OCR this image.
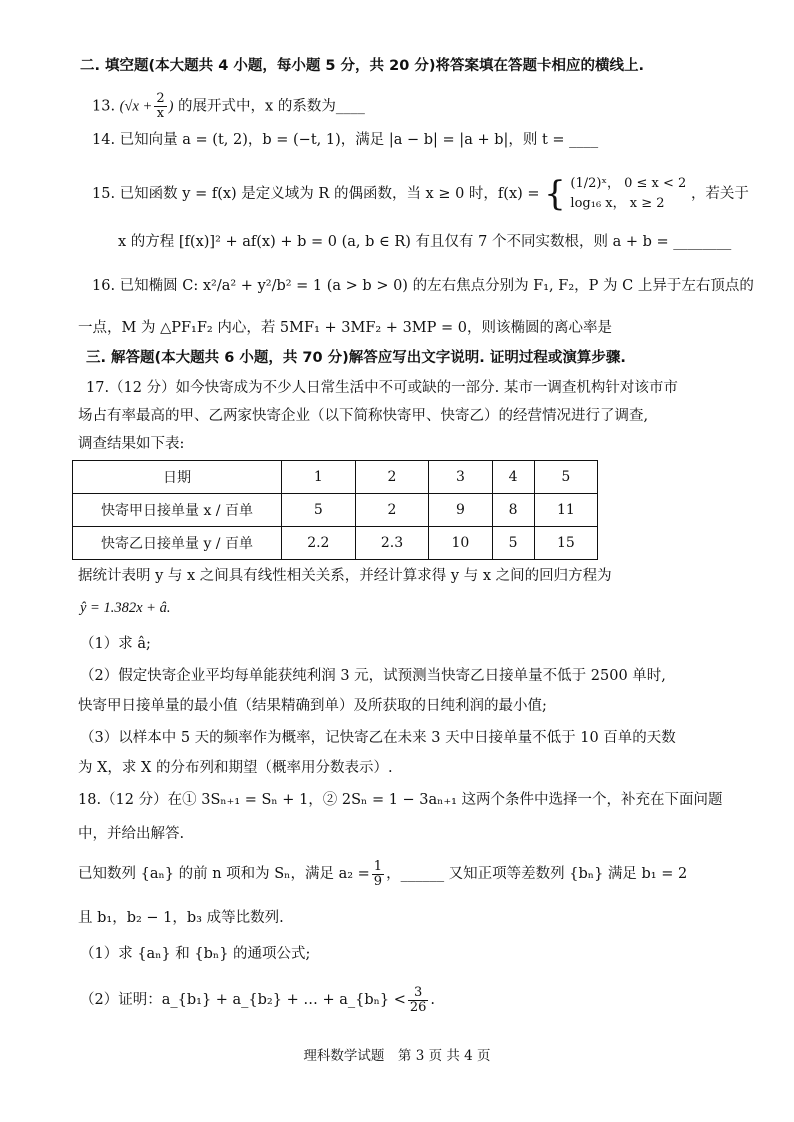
二. 填空题(本大题共 4 小题，每小题 5 分，共 20 分)将答案填在答题卡相应的横线上.
13. ($√x + \frac{2}{x}$ ) 的展开式中，x 的系数为____
14. 已知向量 a = (t, 2)，b = (−t, 1)，满足 |a − b| = |a + b|，则 t = ____
15. 已知函数 y = f(x) 是定义域为 R 的偶函数，当 x ≥ 0 时，f(x) = { (1/2)ˣ， 0 ≤ x < 2
log₁₆ x， x ≥ 2
，若关于
x 的方程 [f(x)]² + af(x) + b = 0 (a, b ∈ R) 有且仅有 7 个不同实数根，则 a + b = ________
16. 已知椭圆 C: x²/a² + y²/b² = 1 (a > b > 0) 的左右焦点分别为 F₁, F₂，P 为 C 上异于左右顶点的
一点，M 为 △PF₁F₂ 内心，若 5MF₁ + 3MF₂ + 3MP = 0，则该椭圆的离心率是
三. 解答题(本大题共 6 小题，共 70 分)解答应写出文字说明. 证明过程或演算步骤.
17.（12 分）如今快寄成为不少人日常生活中不可或缺的一部分. 某市一调查机构针对该市市
场占有率最高的甲、乙两家快寄企业（以下简称快寄甲、快寄乙）的经营情况进行了调查,
调查结果如下表:
日期	1	2	3	4	5
快寄甲日接单量 x / 百单	5	2	9	8	11
快寄乙日接单量 y / 百单	2.2	2.3	10	5	15
据统计表明 y 与 x 之间具有线性相关关系，并经计算求得 y 与 x 之间的回归方程为
ŷ = 1.382x + â.
（1）求 â;
（2）假定快寄企业平均每单能获纯利润 3 元，试预测当快寄乙日接单量不低于 2500 单时,
快寄甲日接单量的最小值（结果精确到单）及所获取的日纯利润的最小值;
（3）以样本中 5 天的频率作为概率，记快寄乙在未来 3 天中日接单量不低于 10 百单的天数
为 X，求 X 的分布列和期望（概率用分数表示）.
18.（12 分）在① 3Sₙ₊₁ = Sₙ + 1，② 2Sₙ = 1 − 3aₙ₊₁ 这两个条件中选择一个，补充在下面问题
中，并给出解答.
已知数列 {aₙ} 的前 n 项和为 Sₙ，满足 $a_2 = \frac{1}{9}$ ，______ 又知正项等差数列 {bₙ} 满足 b₁ = 2
且 b₁，b₂ − 1，b₃ 成等比数列.
（1）求 {aₙ} 和 {bₙ} 的通项公式;
（2）证明：a_{b₁} + a_{b₂} + … + a_{bₙ} < $\frac{3}{26}$ .
理科数学试题　第 3 页 共 4 页
